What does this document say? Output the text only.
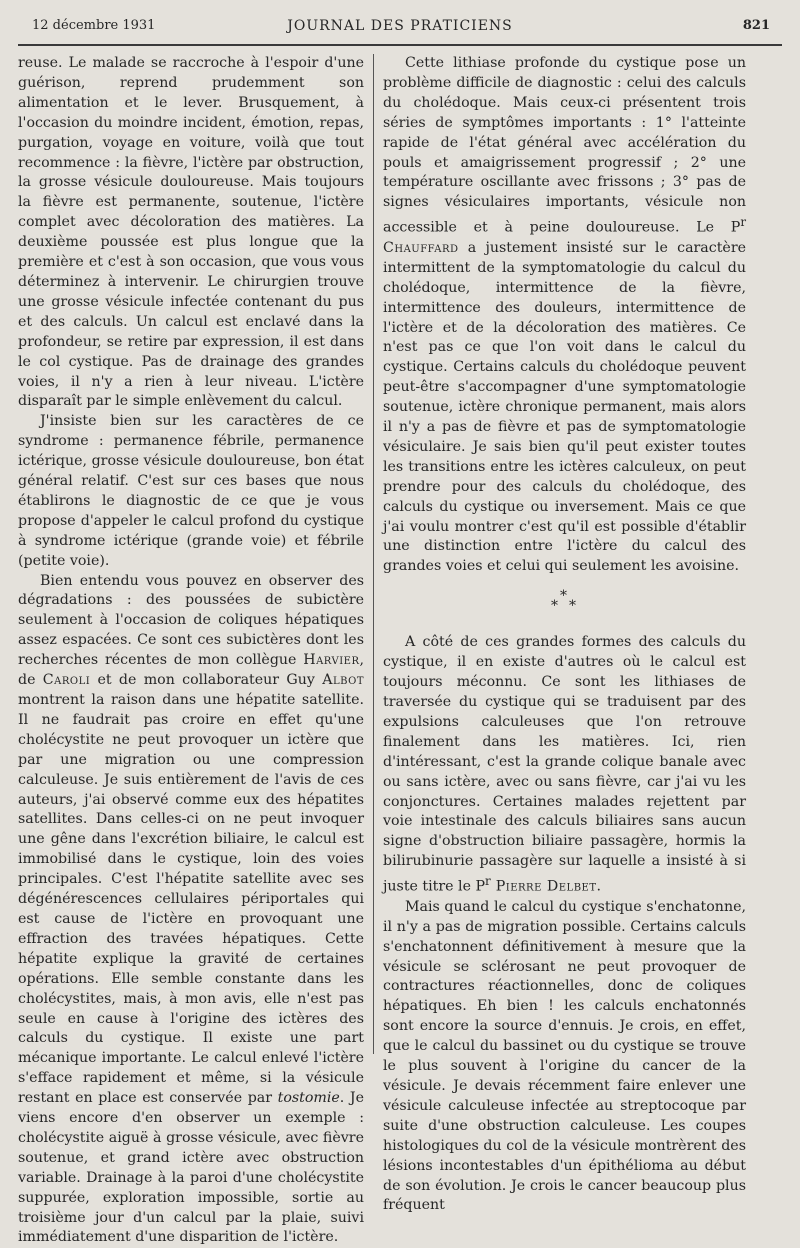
12 décembre 1931	JOURNAL DES PRATICIENS	821

reuse. Le malade se raccroche à l'espoir d'une guérison, reprend prudemment son alimentation et le lever. Brusquement, à l'occasion du moindre incident, émotion, repas, purgation, voyage en voiture, voilà que tout recommence : la fièvre, l'ictère par obstruction, la grosse vésicule douloureuse. Mais toujours la fièvre est permanente, soutenue, l'ictère complet avec décoloration des matières. La deuxième poussée est plus longue que la première et c'est à son occasion, que vous vous déterminez à intervenir. Le chirurgien trouve une grosse vésicule infectée contenant du pus et des calculs. Un calcul est enclavé dans la profondeur, se retire par expression, il est dans le col cystique. Pas de drainage des grandes voies, il n'y a rien à leur niveau. L'ictère disparaît par le simple enlèvement du calcul.

J'insiste bien sur les caractères de ce syndrome : permanence fébrile, permanence ictérique, grosse vésicule douloureuse, bon état général relatif. C'est sur ces bases que nous établirons le diagnostic de ce que je vous propose d'appeler le calcul profond du cystique à syndrome ictérique (grande voie) et fébrile (petite voie).

Bien entendu vous pouvez en observer des dégradations : des poussées de subictère seulement à l'occasion de coliques hépatiques assez espacées. Ce sont ces subictères dont les recherches récentes de mon collègue Harvier, de Caroli et de mon collaborateur Guy Albot montrent la raison dans une hépatite satellite. Il ne faudrait pas croire en effet qu'une cholécystite ne peut provoquer un ictère que par une migration ou une compression calculeuse. Je suis entièrement de l'avis de ces auteurs, j'ai observé comme eux des hépatites satellites. Dans celles-ci on ne peut invoquer une gêne dans l'excrétion biliaire, le calcul est immobilisé dans le cystique, loin des voies principales. C'est l'hépatite satellite avec ses dégénérescences cellulaires périportales qui est cause de l'ictère en provoquant une effraction des travées hépatiques. Cette hépatite explique la gravité de certaines opérations. Elle semble constante dans les cholécystites, mais, à mon avis, elle n'est pas seule en cause à l'origine des ictères des calculs du cystique. Il existe une part mécanique importante. Le calcul enlevé l'ictère s'efface rapidement et même, si la vésicule restant en place est conservée par tostomie. Je viens encore d'en observer un exemple : cholécystite aiguë à grosse vésicule, avec fièvre soutenue, et grand ictère avec obstruction variable. Drainage à la paroi d'une cholécystite suppurée, exploration impossible, sortie au troisième jour d'un calcul par la plaie, suivi immédiatement d'une disparition de l'ictère.

Cette lithiase profonde du cystique pose un problème difficile de diagnostic : celui des calculs du cholédoque. Mais ceux-ci présentent trois séries de symptômes importants : 1° l'atteinte rapide de l'état général avec accélération du pouls et amaigrissement progressif ; 2° une température oscillante avec frissons ; 3° pas de signes vésiculaires importants, vésicule non accessible et à peine douloureuse. Le $P^r$ Chauffard a justement insisté sur le caractère intermittent de la symptomatologie du calcul du cholédoque, intermittence de la fièvre, intermittence des douleurs, intermittence de l'ictère et de la décoloration des matières. Ce n'est pas ce que l'on voit dans le calcul du cystique. Certains calculs du cholédoque peuvent peut-être s'accompagner d'une symptomatologie soutenue, ictère chronique permanent, mais alors il n'y a pas de fièvre et pas de symptomatologie vésiculaire. Je sais bien qu'il peut exister toutes les transitions entre les ictères calculeux, on peut prendre pour des calculs du cholédoque, des calculs du cystique ou inversement. Mais ce que j'ai voulu montrer c'est qu'il est possible d'établir une distinction entre l'ictère du calcul des grandes voies et celui qui seulement les avoisine.

*
*
*

A côté de ces grandes formes des calculs du cystique, il en existe d'autres où le calcul est toujours méconnu. Ce sont les lithiases de traversée du cystique qui se traduisent par des expulsions calculeuses que l'on retrouve finalement dans les matières. Ici, rien d'intéressant, c'est la grande colique banale avec ou sans ictère, avec ou sans fièvre, car j'ai vu les conjonctures. Certaines malades rejettent par voie intestinale des calculs biliaires sans aucun signe d'obstruction biliaire passagère, hormis la bilirubinurie passagère sur laquelle a insisté à si juste titre le $P^r$ Pierre Delbet.

Mais quand le calcul du cystique s'enchatonne, il n'y a pas de migration possible. Certains calculs s'enchatonnent définitivement à mesure que la vésicule se sclérosant ne peut provoquer de contractures réactionnelles, donc de coliques hépatiques. Eh bien ! les calculs enchatonnés sont encore la source d'ennuis. Je crois, en effet, que le calcul du bassinet ou du cystique se trouve le plus souvent à l'origine du cancer de la vésicule. Je devais récemment faire enlever une vésicule calculeuse infectée au streptocoque par suite d'une obstruction calculeuse. Les coupes histologiques du col de la vésicule montrèrent des lésions incontestables d'un épithélioma au début de son évolution. Je crois le cancer beaucoup plus fréquent
